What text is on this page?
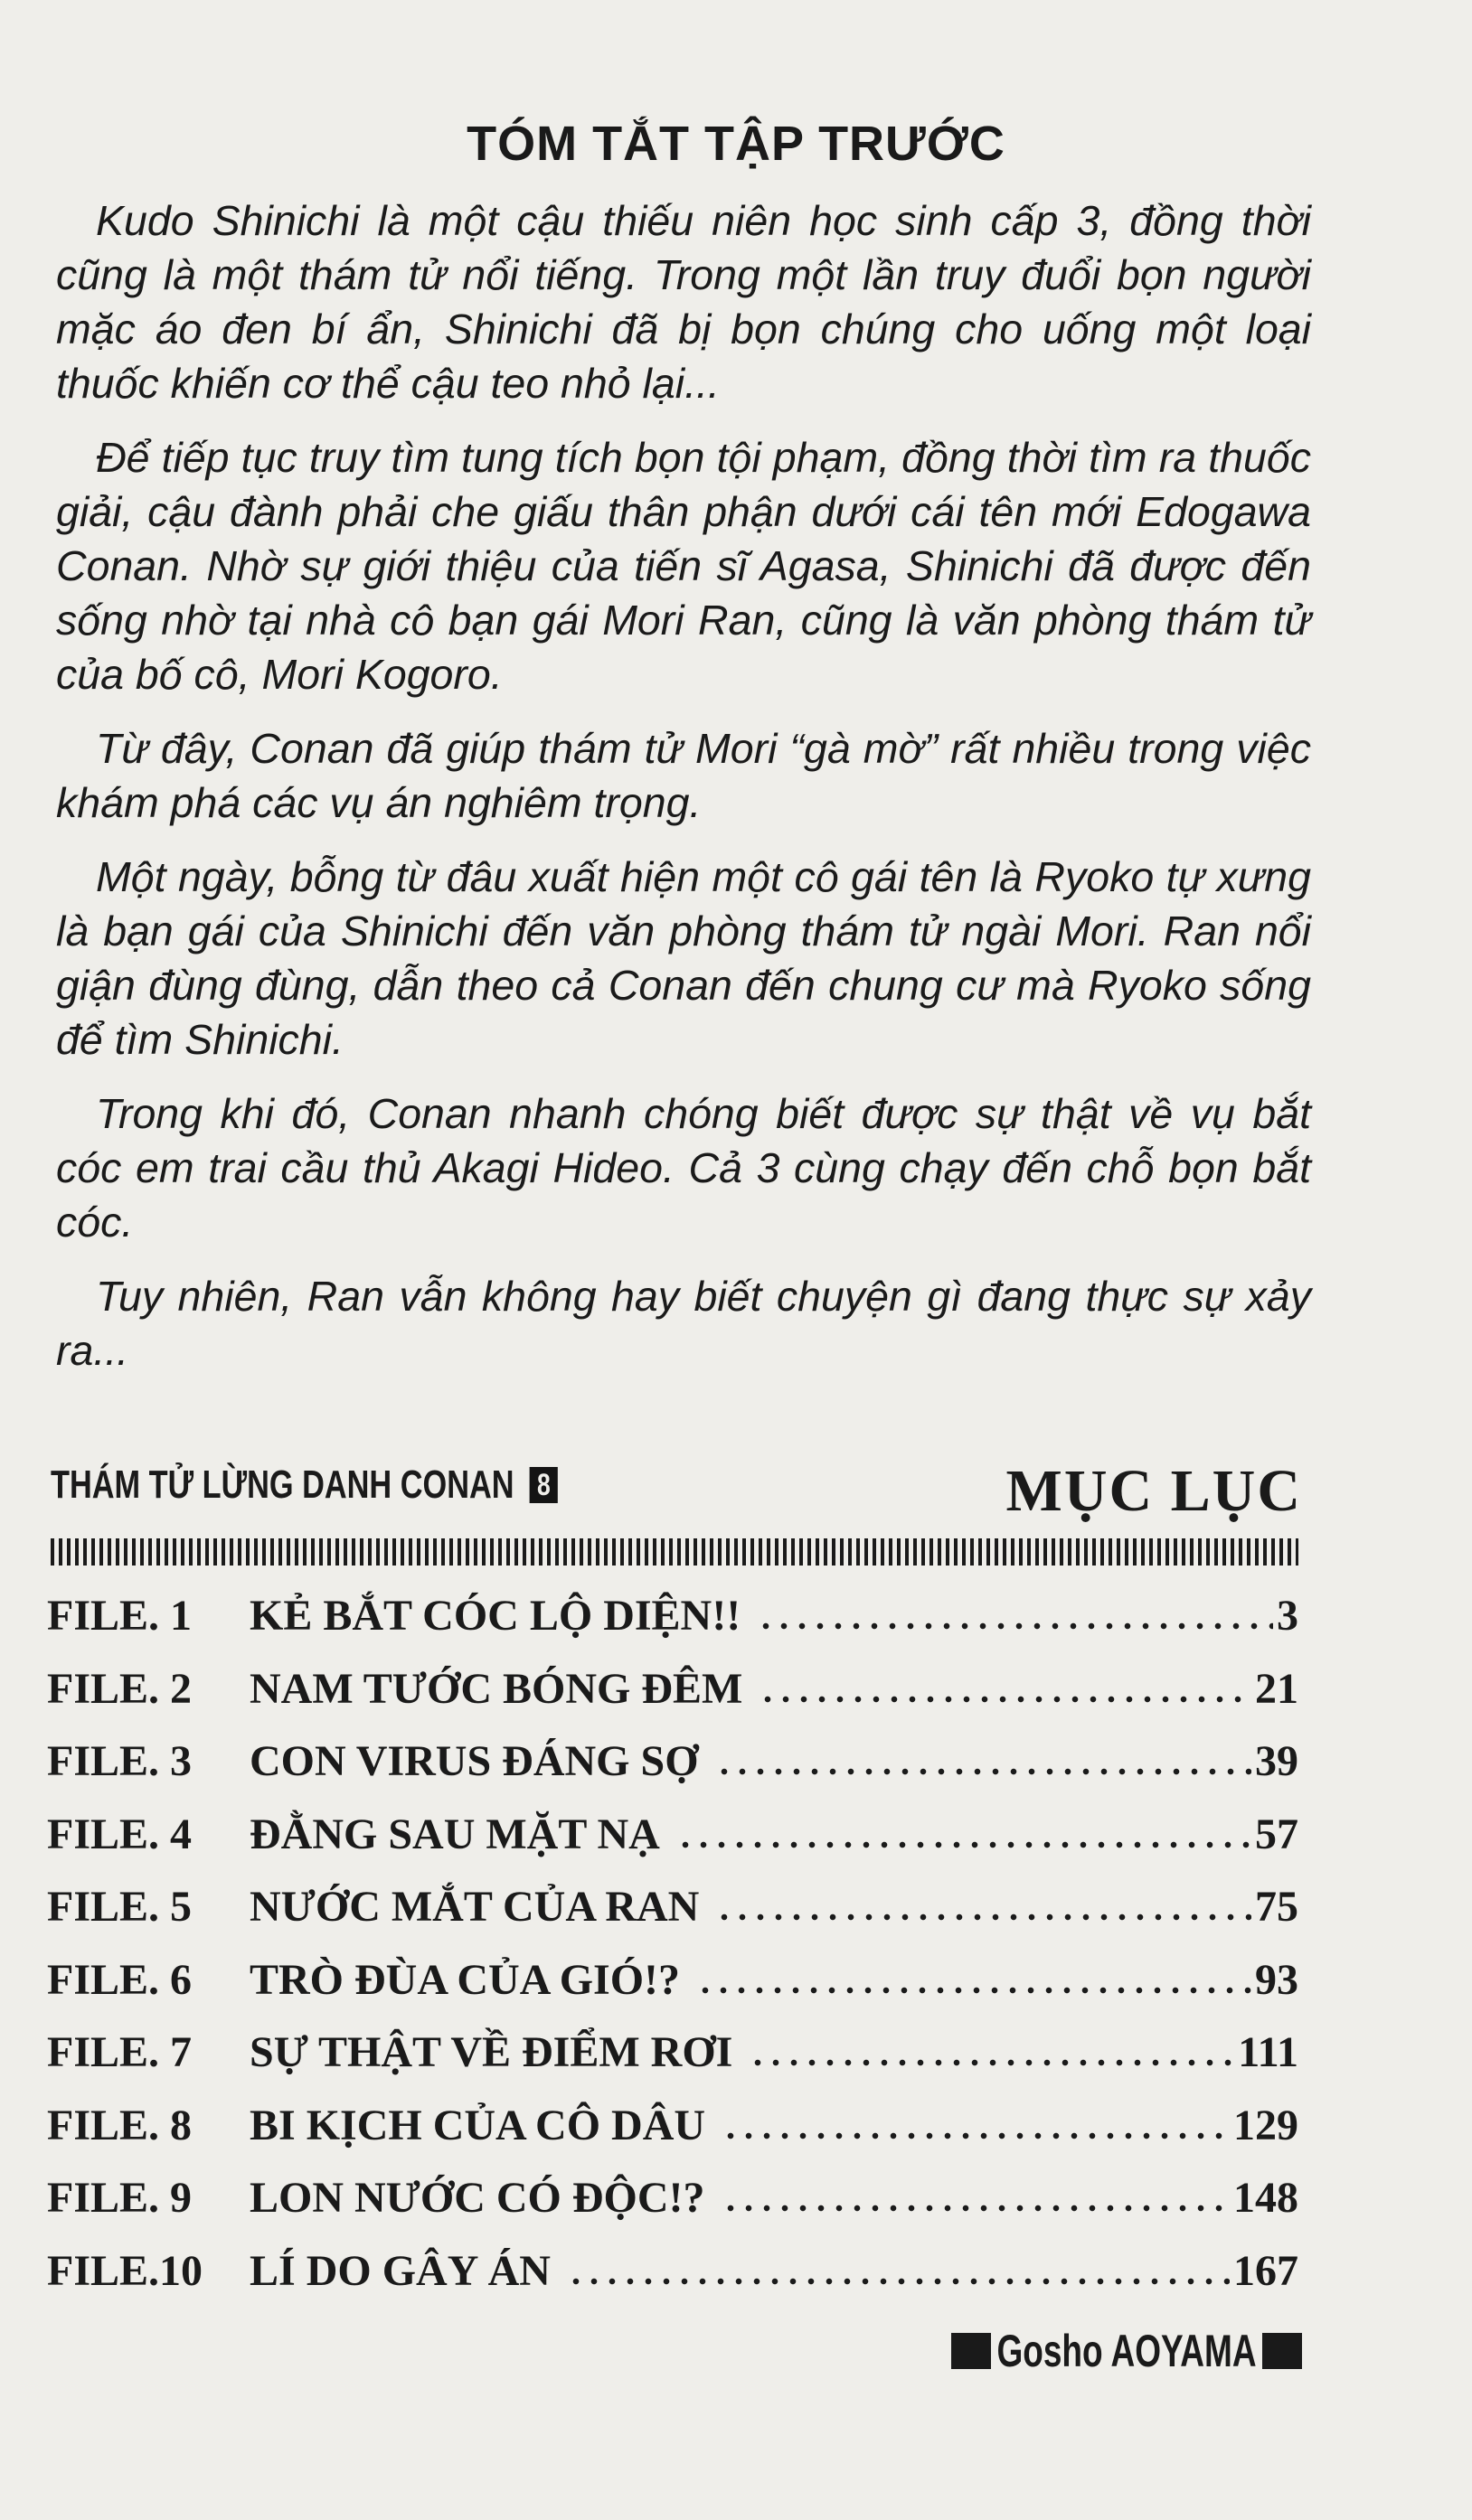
TÓM TẮT TẬP TRƯỚC

Kudo Shinichi là một cậu thiếu niên học sinh cấp 3, đồng thời cũng là một thám tử nổi tiếng. Trong một lần truy đuổi bọn người mặc áo đen bí ẩn, Shinichi đã bị bọn chúng cho uống một loại thuốc khiến cơ thể cậu teo nhỏ lại...

Để tiếp tục truy tìm tung tích bọn tội phạm, đồng thời tìm ra thuốc giải, cậu đành phải che giấu thân phận dưới cái tên mới Edogawa Conan. Nhờ sự giới thiệu của tiến sĩ Agasa, Shinichi đã được đến sống nhờ tại nhà cô bạn gái Mori Ran, cũng là văn phòng thám tử của bố cô, Mori Kogoro.

Từ đây, Conan đã giúp thám tử Mori “gà mờ” rất nhiều trong việc khám phá các vụ án nghiêm trọng.

Một ngày, bỗng từ đâu xuất hiện một cô gái tên là Ryoko tự xưng là bạn gái của Shinichi đến văn phòng thám tử ngài Mori. Ran nổi giận đùng đùng, dẫn theo cả Conan đến chung cư mà Ryoko sống để tìm Shinichi.

Trong khi đó, Conan nhanh chóng biết được sự thật về vụ bắt cóc em trai cầu thủ Akagi Hideo. Cả 3 cùng chạy đến chỗ bọn bắt cóc.

Tuy nhiên, Ran vẫn không hay biết chuyện gì đang thực sự xảy ra...

THÁM TỬ LỪNG DANH CONAN 8	MỤC LỤC
FILE. 1	KẺ BẮT CÓC LỘ DIỆN!!	3
FILE. 2	NAM TƯỚC BÓNG ĐÊM	21
FILE. 3	CON VIRUS ĐÁNG SỢ	39
FILE. 4	ĐẰNG SAU MẶT NẠ	57
FILE. 5	NƯỚC MẮT CỦA RAN	75
FILE. 6	TRÒ ĐÙA CỦA GIÓ!?	93
FILE. 7	SỰ THẬT VỀ ĐIỂM RƠI	111
FILE. 8	BI KỊCH CỦA CÔ DÂU	129
FILE. 9	LON NƯỚC CÓ ĐỘC!?	148
FILE.10	LÍ DO GÂY ÁN	167
Gosho AOYAMA
